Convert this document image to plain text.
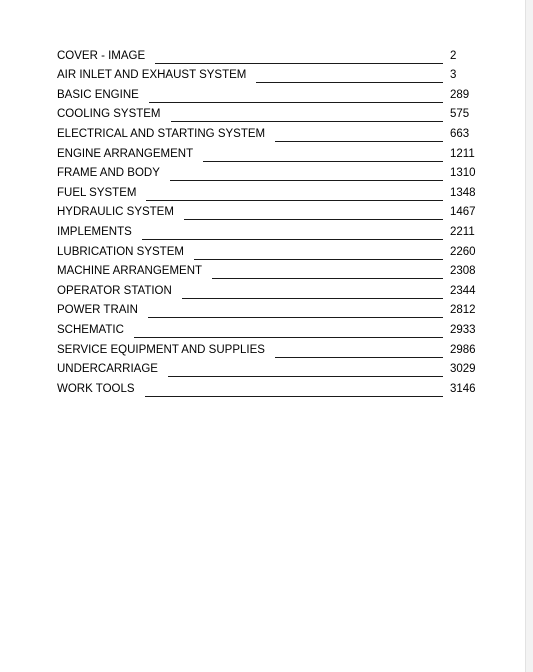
COVER - IMAGE	2
AIR INLET AND EXHAUST SYSTEM	3
BASIC ENGINE	289
COOLING SYSTEM	575
ELECTRICAL AND STARTING SYSTEM	663
ENGINE ARRANGEMENT	1211
FRAME AND BODY	1310
FUEL SYSTEM	1348
HYDRAULIC SYSTEM	1467
IMPLEMENTS	2211
LUBRICATION SYSTEM	2260
MACHINE ARRANGEMENT	2308
OPERATOR STATION	2344
POWER TRAIN	2812
SCHEMATIC	2933
SERVICE EQUIPMENT AND SUPPLIES	2986
UNDERCARRIAGE	3029
WORK TOOLS	3146
